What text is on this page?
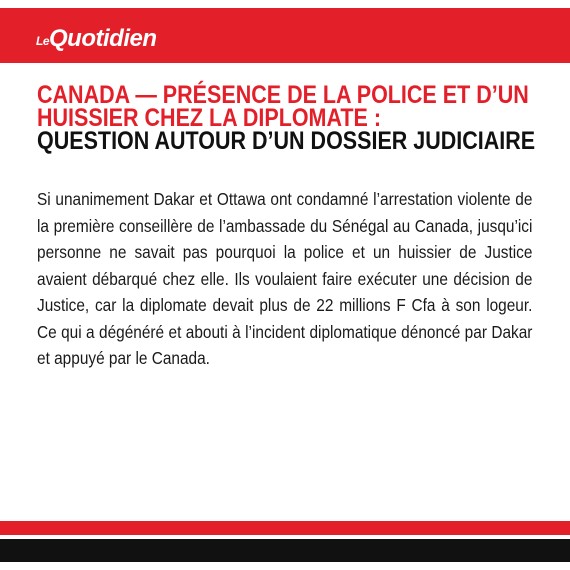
LeQuotidien
CANADA — PRÉSENCE DE LA POLICE ET D’UN HUISSIER CHEZ LA DIPLOMATE :
QUESTION AUTOUR D’UN DOSSIER JUDICIAIRE

Si unanimement Dakar et Ottawa ont condamné l’arrestation violente de la première conseillère de l’ambassade du Sénégal au Canada, jusqu’ici personne ne savait pas pourquoi la police et un huissier de Justice avaient débarqué chez elle. Ils voulaient faire exécuter une décision de Justice, car la diplomate devait plus de 22 millions F Cfa à son logeur. Ce qui a dégénéré et abouti à l’incident diplomatique dénoncé par Dakar et appuyé par le Canada.
